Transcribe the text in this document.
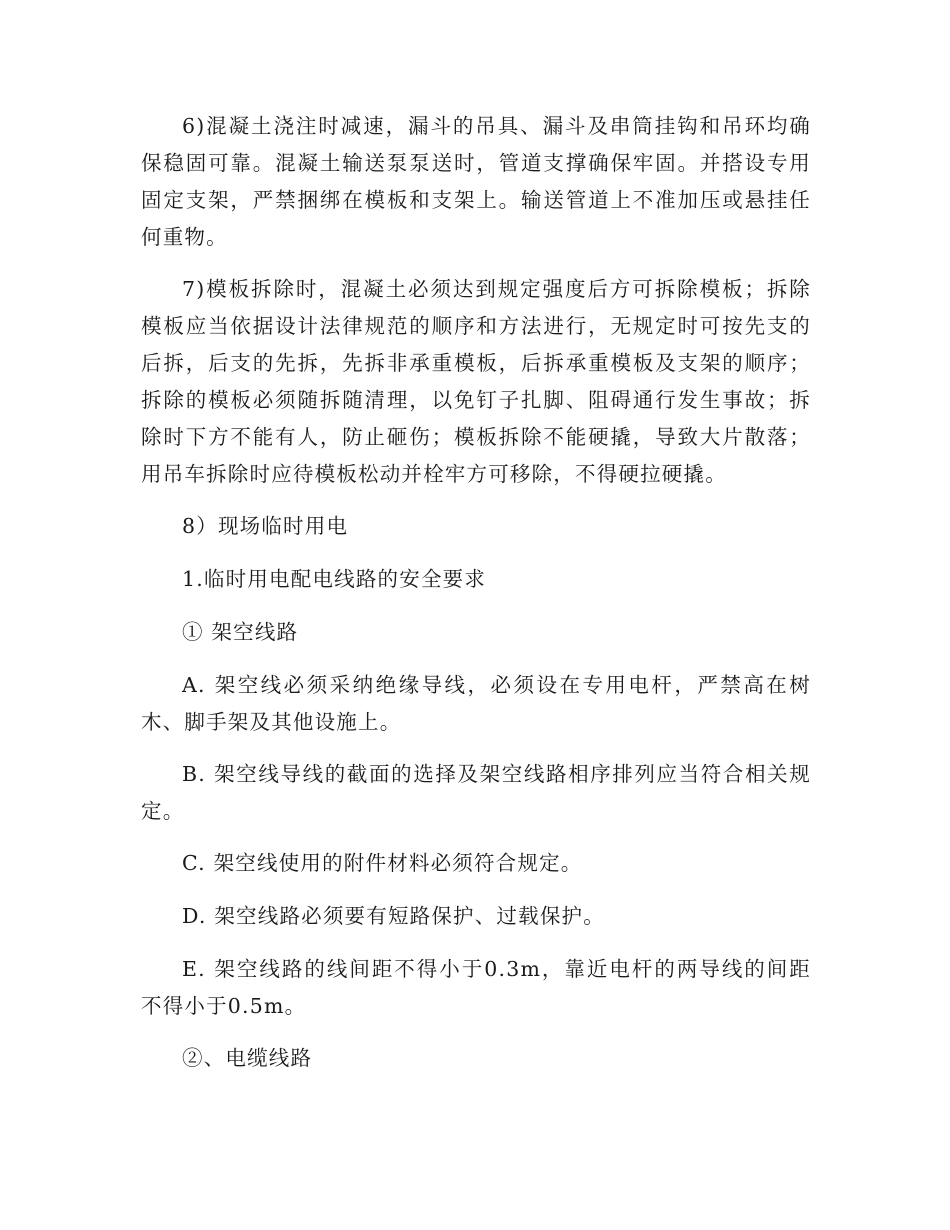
6)混凝土浇注时减速，漏斗的吊具、漏斗及串筒挂钩和吊环均确保稳固可靠。混凝土输送泵泵送时，管道支撑确保牢固。并搭设专用固定支架，严禁捆绑在模板和支架上。输送管道上不准加压或悬挂任何重物。

7)模板拆除时，混凝土必须达到规定强度后方可拆除模板；拆除模板应当依据设计法律规范的顺序和方法进行，无规定时可按先支的后拆，后支的先拆，先拆非承重模板，后拆承重模板及支架的顺序；拆除的模板必须随拆随清理，以免钉子扎脚、阻碍通行发生事故；拆除时下方不能有人，防止砸伤；模板拆除不能硬撬，导致大片散落；用吊车拆除时应待模板松动并栓牢方可移除，不得硬拉硬撬。

8）现场临时用电

1.临时用电配电线路的安全要求

① 架空线路

A. 架空线必须采纳绝缘导线，必须设在专用电杆，严禁高在树木、脚手架及其他设施上。

B. 架空线导线的截面的选择及架空线路相序排列应当符合相关规定。

C. 架空线使用的附件材料必须符合规定。

D. 架空线路必须要有短路保护、过载保护。

E. 架空线路的线间距不得小于0.3m，靠近电杆的两导线的间距不得小于0.5m。

②、电缆线路
